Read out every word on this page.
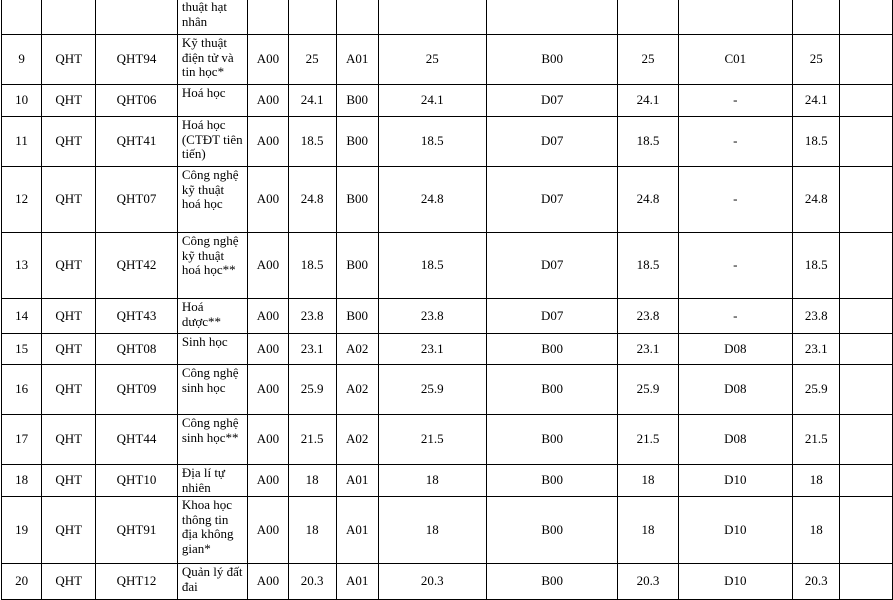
			thuật hạt nhân									
9	QHT	QHT94	Kỹ thuật điện tử và tin học*	A00	25	A01	25	B00	25	C01	25	
10	QHT	QHT06	Hoá học	A00	24.1	B00	24.1	D07	24.1	-	24.1	
11	QHT	QHT41	Hoá học (CTĐT tiên tiến)	A00	18.5	B00	18.5	D07	18.5	-	18.5	
12	QHT	QHT07	Công nghệ kỹ thuật hoá học	A00	24.8	B00	24.8	D07	24.8	-	24.8	
13	QHT	QHT42	Công nghệ kỹ thuật hoá học**	A00	18.5	B00	18.5	D07	18.5	-	18.5	
14	QHT	QHT43	Hoá dược**	A00	23.8	B00	23.8	D07	23.8	-	23.8	
15	QHT	QHT08	Sinh học	A00	23.1	A02	23.1	B00	23.1	D08	23.1	
16	QHT	QHT09	Công nghệ sinh học	A00	25.9	A02	25.9	B00	25.9	D08	25.9	
17	QHT	QHT44	Công nghệ sinh học**	A00	21.5	A02	21.5	B00	21.5	D08	21.5	
18	QHT	QHT10	Địa lí tự nhiên	A00	18	A01	18	B00	18	D10	18	
19	QHT	QHT91	Khoa học thông tin địa không gian*	A00	18	A01	18	B00	18	D10	18	
20	QHT	QHT12	Quản lý đất đai	A00	20.3	A01	20.3	B00	20.3	D10	20.3	
